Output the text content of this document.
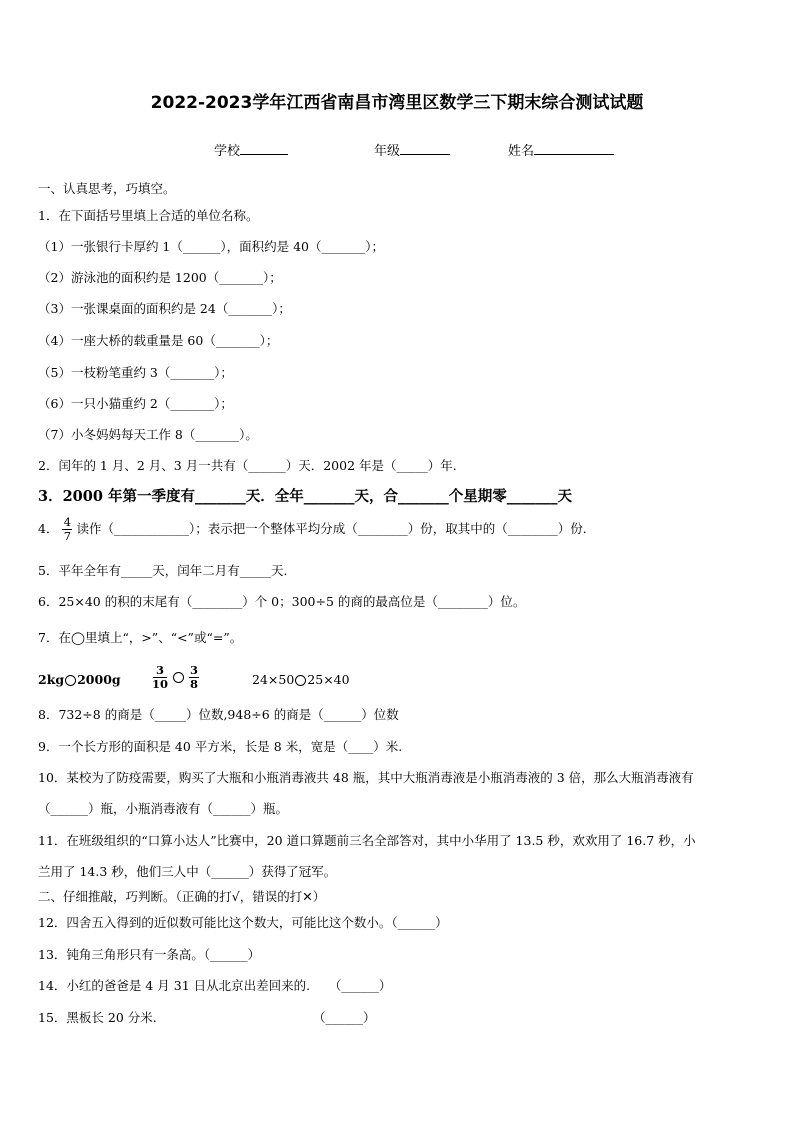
2022-2023学年江西省南昌市湾里区数学三下期末综合测试试题
学校	年级	姓名
一、认真思考，巧填空。
1．在下面括号里填上合适的单位名称。
（1）一张银行卡厚约 1（______），面积约是 40（_______）；
（2）游泳池的面积约是 1200（_______）；
（3）一张课桌面的面积约是 24（_______）；
（4）一座大桥的载重量是 60（_______）；
（5）一枝粉笔重约 3（_______）；
（6）一只小猫重约 2（_______）；
（7）小冬妈妈每天工作 8（_______）。
2．闰年的 1 月、2 月、3 月一共有（______）天．2002 年是（_____）年．
3．2000 年第一季度有_______天．全年_______天，合_______个星期零_______天
4． $\frac{4}{7}$ 读作（____________）；表示把一个整体平均分成（________）份，取其中的（________）份．
5．平年全年有_____天，闰年二月有_____天．
6．25×40 的积的末尾有（________）个 0；300÷5 的商的最高位是（________）位。
7．在◯里填上“，>”、“<”或“=”。
2kg 2000g	$\frac{3}{10} \frac{3}{8}$	24×50 25×40
8．732÷8 的商是（_____）位数,948÷6 的商是（______）位数
9．一个长方形的面积是 40 平方米，长是 8 米，宽是（____）米.
10．某校为了防疫需要，购买了大瓶和小瓶消毒液共 48 瓶，其中大瓶消毒液是小瓶消毒液的 3 倍，那么大瓶消毒液有
（______）瓶，小瓶消毒液有（______）瓶。
11．在班级组织的“口算小达人”比赛中，20 道口算题前三名全部答对，其中小华用了 13.5 秒，欢欢用了 16.7 秒，小
兰用了 14.3 秒，他们三人中（______）获得了冠军。
二、仔细推敲，巧判断。（正确的打√，错误的打✕）
12．四舍五入得到的近似数可能比这个数大，可能比这个数小。（______）
13．钝角三角形只有一条高。（______）
14．小红的爸爸是 4 月 31 日从北京出差回来的.　　（______）
15．黑板长 20 分米.　　　　　　　　　　　　　（______）
